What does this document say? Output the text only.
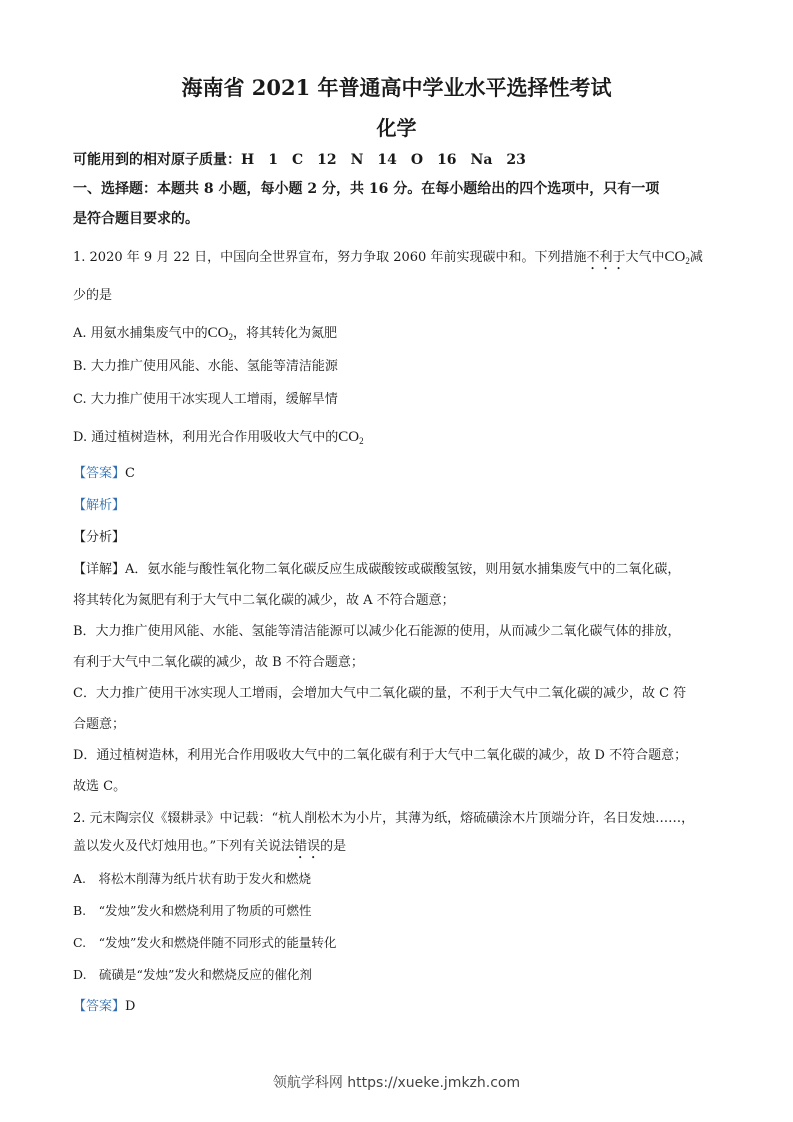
海南省 2021 年普通高中学业水平选择性考试
化学
可能用到的相对原子质量：H　1　C　12　N　14　O　16　Na　23
一、选择题：本题共 8 小题，每小题 2 分，共 16 分。在每小题给出的四个选项中，只有一项
是符合题目要求的。
1. 2020 年 9 月 22 日，中国向全世界宣布，努力争取 2060 年前实现碳中和。下列措施不利于大气中$CO_2$减
少的是
A. 用氨水捕集废气中的$CO_2$，将其转化为氮肥
B. 大力推广使用风能、水能、氢能等清洁能源
C. 大力推广使用干冰实现人工增雨，缓解旱情
D. 通过植树造林，利用光合作用吸收大气中的$CO_2$
【答案】C
【解析】
【分析】
【详解】A．氨水能与酸性氧化物二氧化碳反应生成碳酸铵或碳酸氢铵，则用氨水捕集废气中的二氧化碳，
将其转化为氮肥有利于大气中二氧化碳的减少，故 A 不符合题意；
B．大力推广使用风能、水能、氢能等清洁能源可以减少化石能源的使用，从而减少二氧化碳气体的排放，
有利于大气中二氧化碳的减少，故 B 不符合题意；
C．大力推广使用干冰实现人工增雨，会增加大气中二氧化碳的量，不利于大气中二氧化碳的减少，故 C 符
合题意；
D．通过植树造林，利用光合作用吸收大气中的二氧化碳有利于大气中二氧化碳的减少，故 D 不符合题意；
故选 C。
2. 元末陶宗仪《辍耕录》中记载：“杭人削松木为小片，其薄为纸，熔硫磺涂木片顶端分许，名日发烛……，
盖以发火及代灯烛用也。”下列有关说法错误的是
A.　将松木削薄为纸片状有助于发火和燃烧
B.　“发烛”发火和燃烧利用了物质的可燃性
C.　“发烛”发火和燃烧伴随不同形式的能量转化
D.　硫磺是“发烛”发火和燃烧反应的催化剂
【答案】D
领航学科网 https://xueke.jmkzh.com
